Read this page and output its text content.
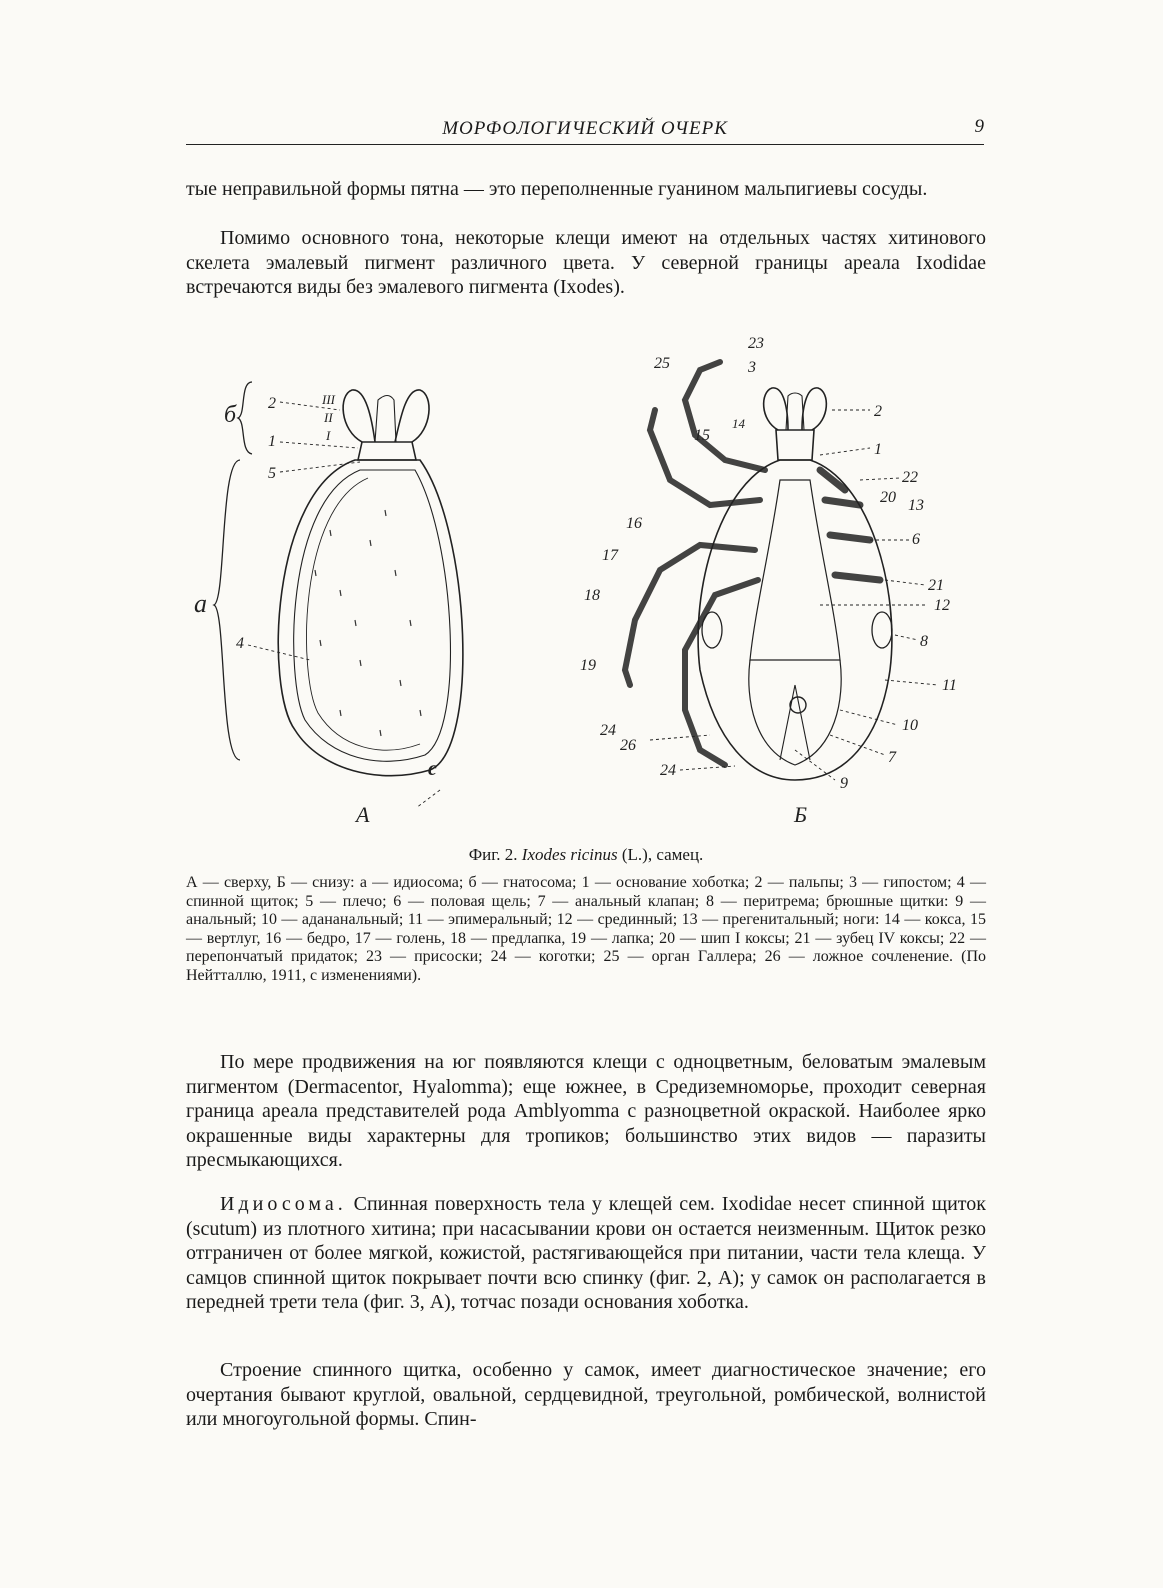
МОРФОЛОГИЧЕСКИЙ ОЧЕРК	9

тые неправильной формы пятна — это переполненные гуанином мальпигиевы сосуды.

Помимо основного тона, некоторые клещи имеют на отдельных частях хитинового скелета эмалевый пигмент различного цвета. У северной границы ареала Ixodidae встречаются виды без эмалевого пигмента (Ixodes).

б
а
с
2
1
5
4
III
II
I
A
23
25	3
2
15
14
1
22
20 13
16
6
17
21
18
12
8
19
11
10
24
26
7
24
9
Б
Фиг. 2. Ixodes ricinus (L.), самец.

А — сверху, Б — снизу: а — идиосома; б — гнатосома; 1 — основание хоботка; 2 — пальпы; 3 — гипостом; 4 — спинной щиток; 5 — плечо; 6 — половая щель; 7 — анальный клапан; 8 — перитрема; брюшные щитки: 9 — анальный; 10 — адананальный; 11 — эпимеральный; 12 — срединный; 13 — прегенитальный; ноги: 14 — кокса, 15 — вертлуг, 16 — бедро, 17 — голень, 18 — предлапка, 19 — лапка; 20 — шип I коксы; 21 — зубец IV коксы; 22 — перепончатый придаток; 23 — присоски; 24 — коготки; 25 — орган Галлера; 26 — ложное сочленение. (По Нейтталлю, 1911, с изменениями).

По мере продвижения на юг появляются клещи с одноцветным, беловатым эмалевым пигментом (Dermacentor, Hyalomma); еще южнее, в Средиземноморье, проходит северная граница ареала представителей рода Amblyomma с разноцветной окраской. Наиболее ярко окрашенные виды характерны для тропиков; большинство этих видов — паразиты пресмыкающихся.

Идиосома. Спинная поверхность тела у клещей сем. Ixodidae несет спинной щиток (scutum) из плотного хитина; при насасывании крови он остается неизменным. Щиток резко отграничен от более мягкой, кожистой, растягивающейся при питании, части тела клеща. У самцов спинной щиток покрывает почти всю спинку (фиг. 2, А); у самок он располагается в передней трети тела (фиг. 3, А), тотчас позади основания хоботка.

Строение спинного щитка, особенно у самок, имеет диагностическое значение; его очертания бывают круглой, овальной, сердцевидной, треугольной, ромбической, волнистой или многоугольной формы. Спин-
